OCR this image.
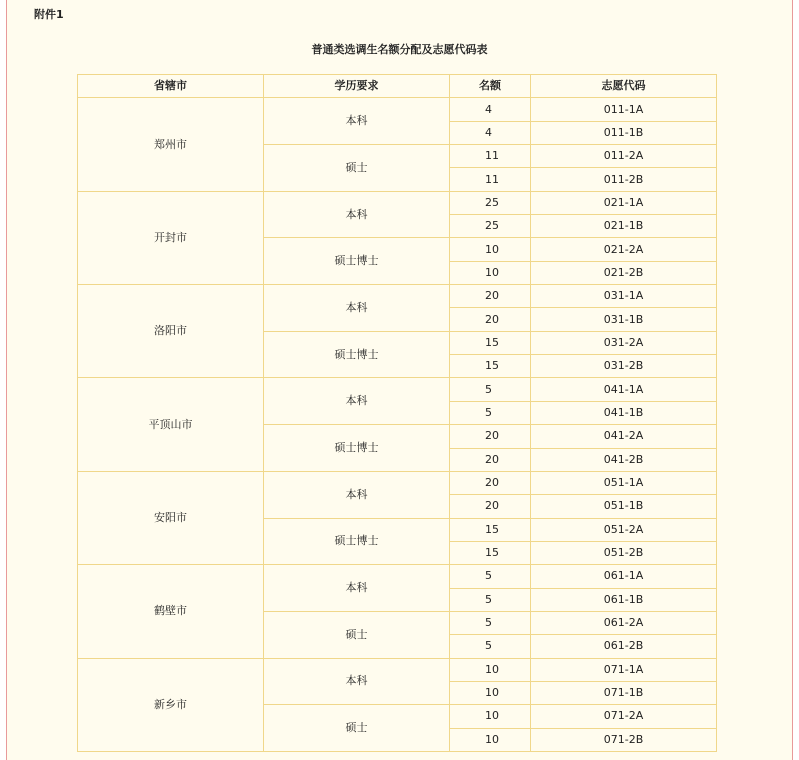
附件1
普通类选调生名额分配及志愿代码表
省辖市	学历要求	名额	志愿代码
郑州市	本科	4	011-1A
		4	011-1B
	硕士	11	011-2A
		11	011-2B
开封市	本科	25	021-1A
		25	021-1B
	硕士博士	10	021-2A
		10	021-2B
洛阳市	本科	20	031-1A
		20	031-1B
	硕士博士	15	031-2A
		15	031-2B
平顶山市	本科	5	041-1A
		5	041-1B
	硕士博士	20	041-2A
		20	041-2B
安阳市	本科	20	051-1A
		20	051-1B
	硕士博士	15	051-2A
		15	051-2B
鹤壁市	本科	5	061-1A
		5	061-1B
	硕士	5	061-2A
		5	061-2B
新乡市	本科	10	071-1A
		10	071-1B
	硕士	10	071-2A
		10	071-2B
